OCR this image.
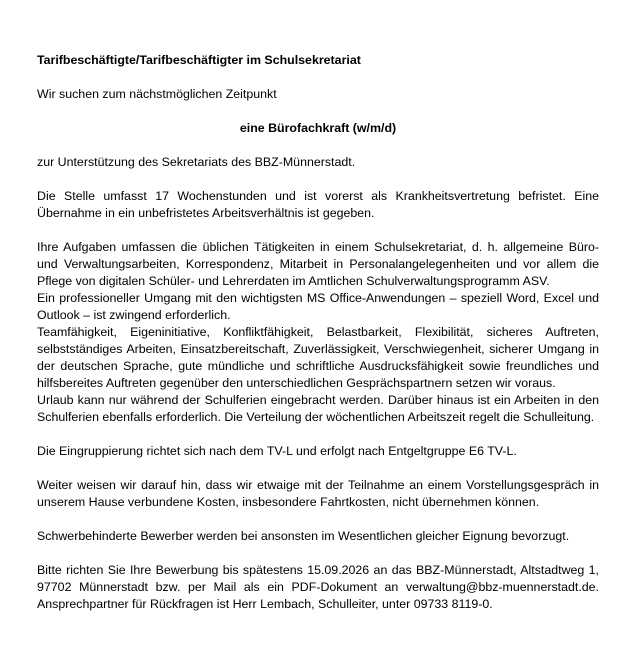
Tarifbeschäftigte/Tarifbeschäftigter im Schulsekretariat

Wir suchen zum nächstmöglichen Zeitpunkt

eine Bürofachkraft (w/m/d)

zur Unterstützung des Sekretariats des BBZ-Münnerstadt.

Die Stelle umfasst 17 Wochenstunden und ist vorerst als Krankheitsvertretung befristet. Eine Übernahme in ein unbefristetes Arbeitsverhältnis ist gegeben.

Ihre Aufgaben umfassen die üblichen Tätigkeiten in einem Schulsekretariat, d. h. allgemeine Büro- und Verwaltungsarbeiten, Korrespondenz, Mitarbeit in Personalangelegenheiten und vor allem die Pflege von digitalen Schüler- und Lehrerdaten im Amtlichen Schulverwaltungsprogramm ASV.

Ein professioneller Umgang mit den wichtigsten MS Office-Anwendungen – speziell Word, Excel und Outlook – ist zwingend erforderlich.

Teamfähigkeit, Eigeninitiative, Konfliktfähigkeit, Belastbarkeit, Flexibilität, sicheres Auftreten, selbstständiges Arbeiten, Einsatzbereitschaft, Zuverlässigkeit, Verschwiegenheit, sicherer Umgang in der deutschen Sprache, gute mündliche und schriftliche Ausdrucksfähigkeit sowie freundliches und hilfsbereites Auftreten gegenüber den unterschiedlichen Gesprächspartnern setzen wir voraus.

Urlaub kann nur während der Schulferien eingebracht werden. Darüber hinaus ist ein Arbeiten in den Schulferien ebenfalls erforderlich. Die Verteilung der wöchentlichen Arbeitszeit regelt die Schulleitung.

Die Eingruppierung richtet sich nach dem TV-L und erfolgt nach Entgeltgruppe E6 TV-L.

Weiter weisen wir darauf hin, dass wir etwaige mit der Teilnahme an einem Vorstellungsgespräch in unserem Hause verbundene Kosten, insbesondere Fahrtkosten, nicht übernehmen können.

Schwerbehinderte Bewerber werden bei ansonsten im Wesentlichen gleicher Eignung bevorzugt.

Bitte richten Sie Ihre Bewerbung bis spätestens 15.09.2026 an das BBZ-Münnerstadt, Altstadtweg 1, 97702 Münnerstadt bzw. per Mail als ein PDF-Dokument an verwaltung@bbz-muennerstadt.de. Ansprechpartner für Rückfragen ist Herr Lembach, Schulleiter, unter 09733 8119-0.
